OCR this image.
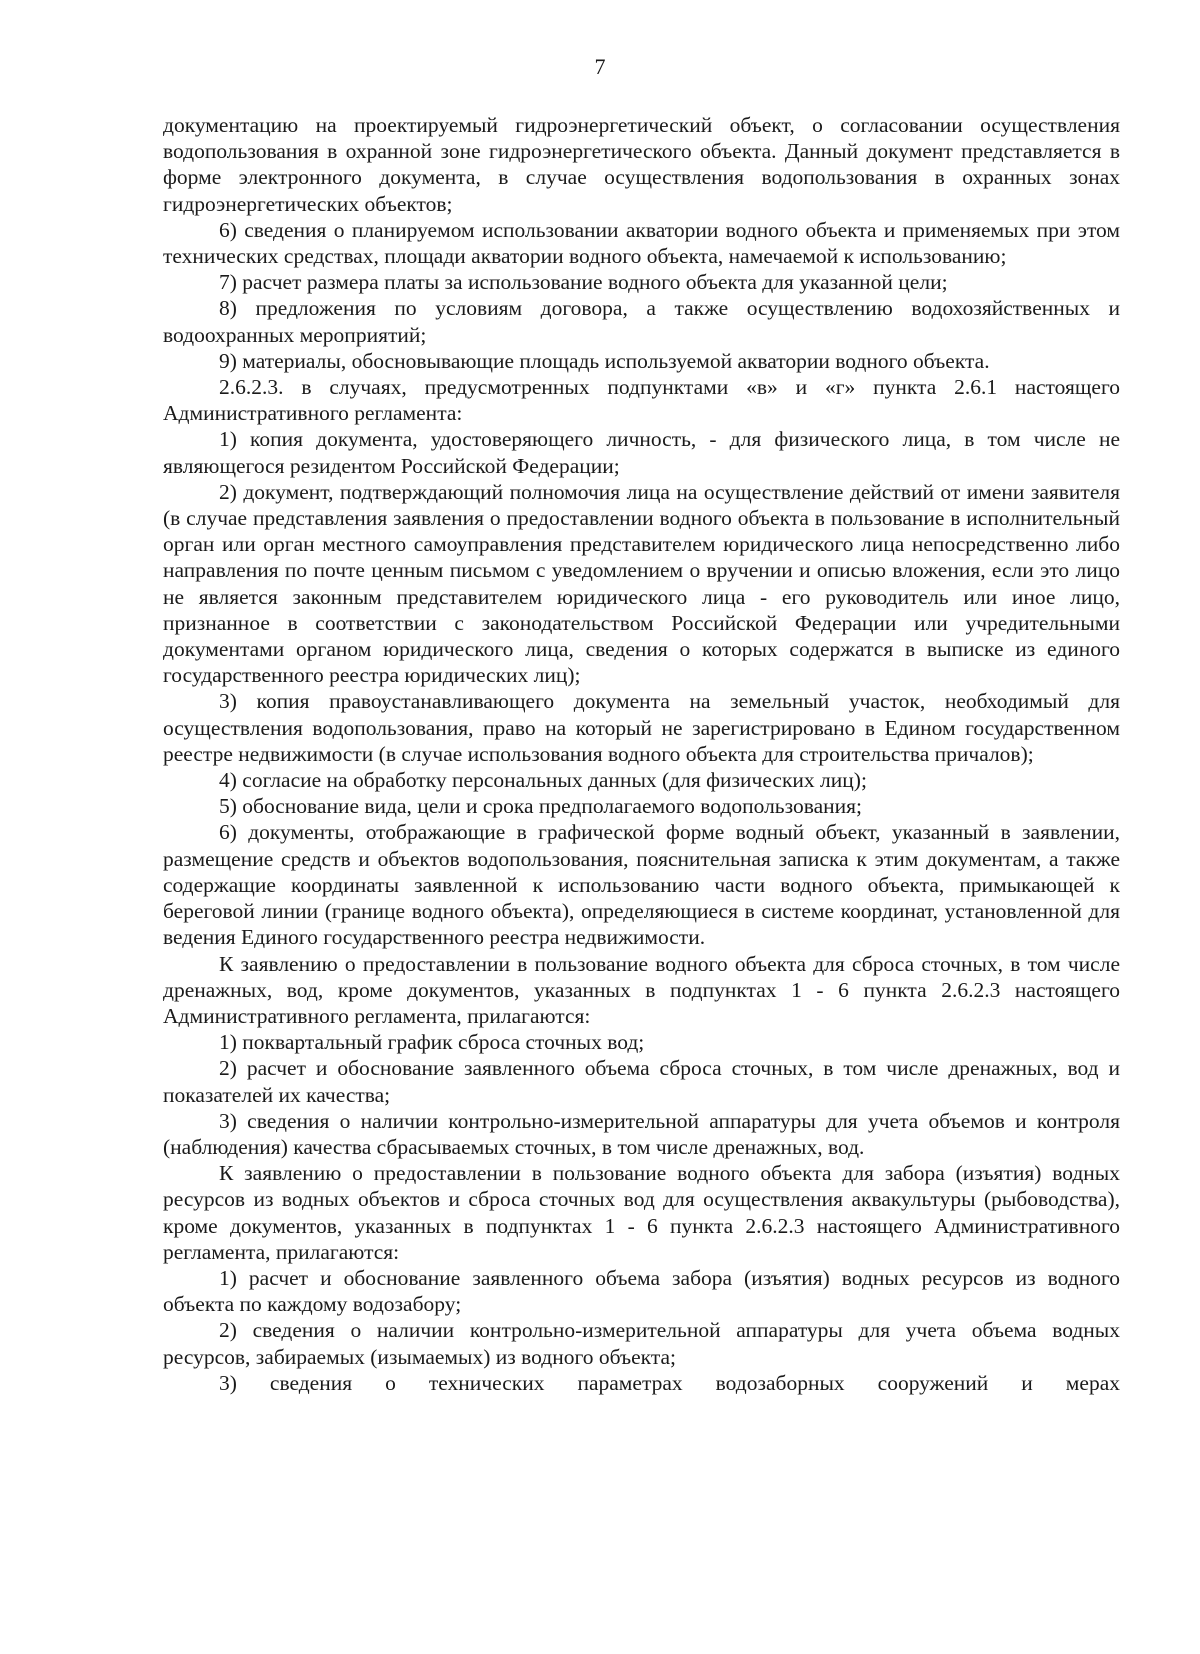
7

документацию на проектируемый гидроэнергетический объект, о согласовании осуществления водопользования в охранной зоне гидроэнергетического объекта. Данный документ представляется в форме электронного документа, в случае осуществления водопользования в охранных зонах гидроэнергетических объектов;

6) сведения о планируемом использовании акватории водного объекта и применяемых при этом технических средствах, площади акватории водного объекта, намечаемой к использованию;

7) расчет размера платы за использование водного объекта для указанной цели;

8) предложения по условиям договора, а также осуществлению водохозяйственных и водоохранных мероприятий;

9) материалы, обосновывающие площадь используемой акватории водного объекта.

2.6.2.3. в случаях, предусмотренных подпунктами «в» и «г» пункта 2.6.1 настоящего Административного регламента:

1) копия документа, удостоверяющего личность, - для физического лица, в том числе не являющегося резидентом Российской Федерации;

2) документ, подтверждающий полномочия лица на осуществление действий от имени заявителя (в случае представления заявления о предоставлении водного объекта в пользование в исполнительный орган или орган местного самоуправления представителем юридического лица непосредственно либо направления по почте ценным письмом с уведомлением о вручении и описью вложения, если это лицо не является законным представителем юридического лица - его руководитель или иное лицо, признанное в соответствии с законодательством Российской Федерации или учредительными документами органом юридического лица, сведения о которых содержатся в выписке из единого государственного реестра юридических лиц);

3) копия правоустанавливающего документа на земельный участок, необходимый для осуществления водопользования, право на который не зарегистрировано в Едином государственном реестре недвижимости (в случае использования водного объекта для строительства причалов);

4) согласие на обработку персональных данных (для физических лиц);

5) обоснование вида, цели и срока предполагаемого водопользования;

6) документы, отображающие в графической форме водный объект, указанный в заявлении, размещение средств и объектов водопользования, пояснительная записка к этим документам, а также содержащие координаты заявленной к использованию части водного объекта, примыкающей к береговой линии (границе водного объекта), определяющиеся в системе координат, установленной для ведения Единого государственного реестра недвижимости.

К заявлению о предоставлении в пользование водного объекта для сброса сточных, в том числе дренажных, вод, кроме документов, указанных в подпунктах 1 - 6 пункта 2.6.2.3 настоящего Административного регламента, прилагаются:

1) поквартальный график сброса сточных вод;

2) расчет и обоснование заявленного объема сброса сточных, в том числе дренажных, вод и показателей их качества;

3) сведения о наличии контрольно-измерительной аппаратуры для учета объемов и контроля (наблюдения) качества сбрасываемых сточных, в том числе дренажных, вод.

К заявлению о предоставлении в пользование водного объекта для забора (изъятия) водных ресурсов из водных объектов и сброса сточных вод для осуществления аквакультуры (рыбоводства), кроме документов, указанных в подпунктах 1 - 6 пункта 2.6.2.3 настоящего Административного регламента, прилагаются:

1) расчет и обоснование заявленного объема забора (изъятия) водных ресурсов из водного объекта по каждому водозабору;

2) сведения о наличии контрольно-измерительной аппаратуры для учета объема водных ресурсов, забираемых (изымаемых) из водного объекта;

3) сведения о технических параметрах водозаборных сооружений и мерах
